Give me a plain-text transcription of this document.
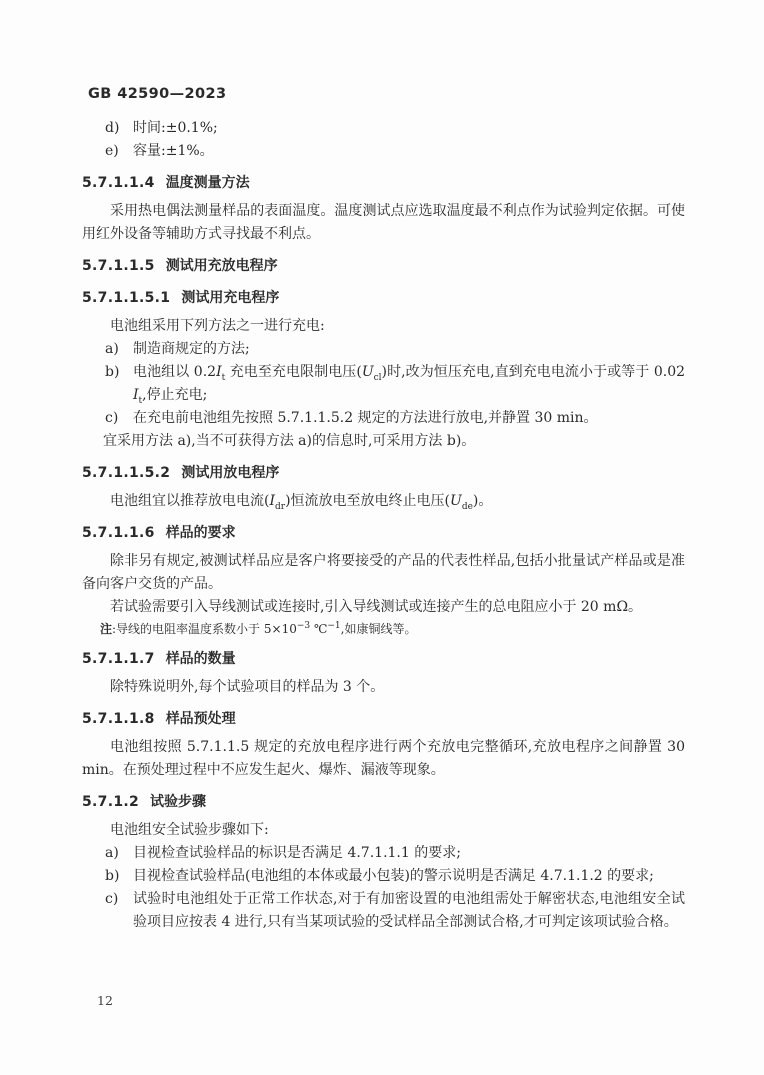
GB 42590—2023
d) 时间:±0.1%;
e) 容量:±1%。
5.7.1.1.4 温度测量方法

采用热电偶法测量样品的表面温度。温度测试点应选取温度最不利点作为试验判定依据。可使用红外设备等辅助方式寻找最不利点。

5.7.1.1.5 测试用充放电程序
5.7.1.1.5.1 测试用充电程序

电池组采用下列方法之一进行充电:

a) 制造商规定的方法;
b) 电池组以 $0.2I_t$ 充电至充电限制电压$(U_{cl})$时,改为恒压充电,直到充电电流小于或等于 0.02 $I_t$,停止充电;
c) 在充电前电池组先按照 5.7.1.1.5.2 规定的方法进行放电,并静置 30 min。

宜采用方法 a),当不可获得方法 a)的信息时,可采用方法 b)。

5.7.1.1.5.2 测试用放电程序

电池组宜以推荐放电电流$(I_{dr})$恒流放电至放电终止电压$(U_{de})$。

5.7.1.1.6 样品的要求

除非另有规定,被测试样品应是客户将要接受的产品的代表性样品,包括小批量试产样品或是准备向客户交货的产品。

若试验需要引入导线测试或连接时,引入导线测试或连接产生的总电阻应小于 20 mΩ。

注:导线的电阻率温度系数小于 $5\times 10^{-3}$ ℃$^{-1}$,如康铜线等。

5.7.1.1.7 样品的数量

除特殊说明外,每个试验项目的样品为 3 个。

5.7.1.1.8 样品预处理

电池组按照 5.7.1.1.5 规定的充放电程序进行两个充放电完整循环,充放电程序之间静置 30 min。在预处理过程中不应发生起火、爆炸、漏液等现象。

5.7.1.2 试验步骤

电池组安全试验步骤如下:

a) 目视检查试验样品的标识是否满足 4.7.1.1.1 的要求;
b) 目视检查试验样品(电池组的本体或最小包装)的警示说明是否满足 4.7.1.1.2 的要求;
c) 试验时电池组处于正常工作状态,对于有加密设置的电池组需处于解密状态,电池组安全试验项目应按表 4 进行,只有当某项试验的受试样品全部测试合格,才可判定该项试验合格。
12
